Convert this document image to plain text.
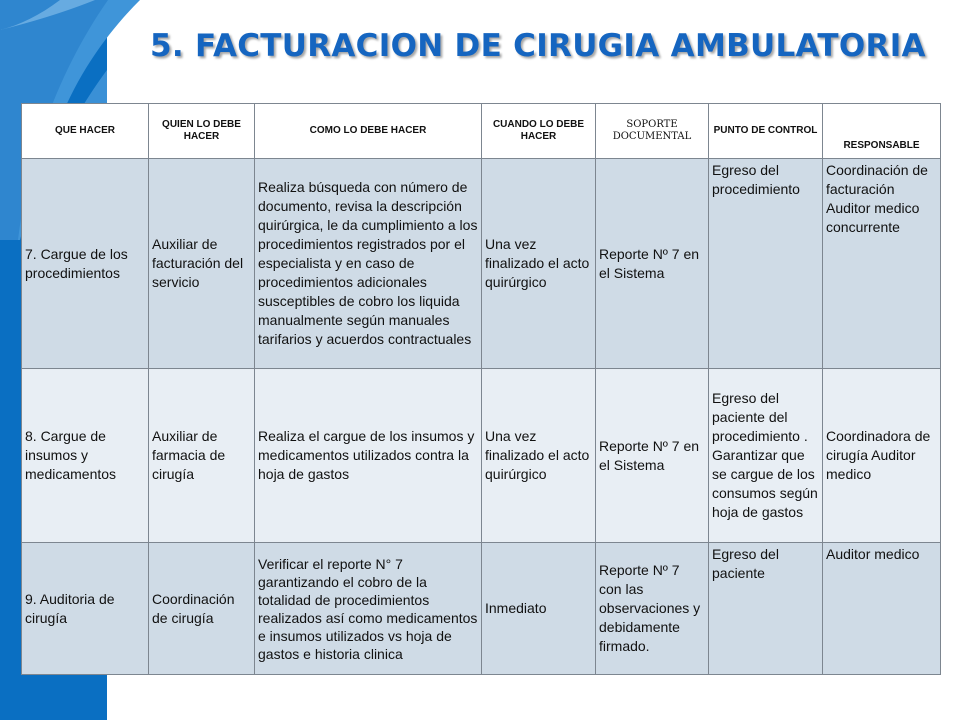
5. FACTURACION DE CIRUGIA AMBULATORIA
QUE HACER	QUIEN LO DEBE HACER	COMO LO DEBE HACER	CUANDO LO DEBE HACER	SOPORTE DOCUMENTAL	PUNTO DE CONTROL	RESPONSABLE
7. Cargue de los procedimientos	Auxiliar de facturación del servicio	Realiza búsqueda con número de documento, revisa la descripción quirúrgica, le da cumplimiento a los procedimientos registrados por el especialista y en caso de procedimientos adicionales susceptibles de cobro los liquida manualmente según manuales tarifarios y acuerdos contractuales	Una vez finalizado el acto quirúrgico	Reporte Nº 7 en el Sistema	Egreso del procedimiento	Coordinación de facturación Auditor medico concurrente
8. Cargue de insumos y medicamentos	Auxiliar de farmacia de cirugía	Realiza el cargue de los insumos y medicamentos utilizados contra la hoja de gastos	Una vez finalizado el acto quirúrgico	Reporte Nº 7 en el Sistema	Egreso del paciente del procedimiento . Garantizar que se cargue de los consumos según hoja de gastos	Coordinadora de cirugía Auditor medico
9. Auditoria de cirugía	Coordinación de cirugía	Verificar el reporte N° 7 garantizando el cobro de la totalidad de procedimientos realizados así como medicamentos e insumos utilizados vs hoja de gastos e historia clinica	Inmediato	Reporte Nº 7 con las observaciones y debidamente firmado.	Egreso del paciente	Auditor medico
